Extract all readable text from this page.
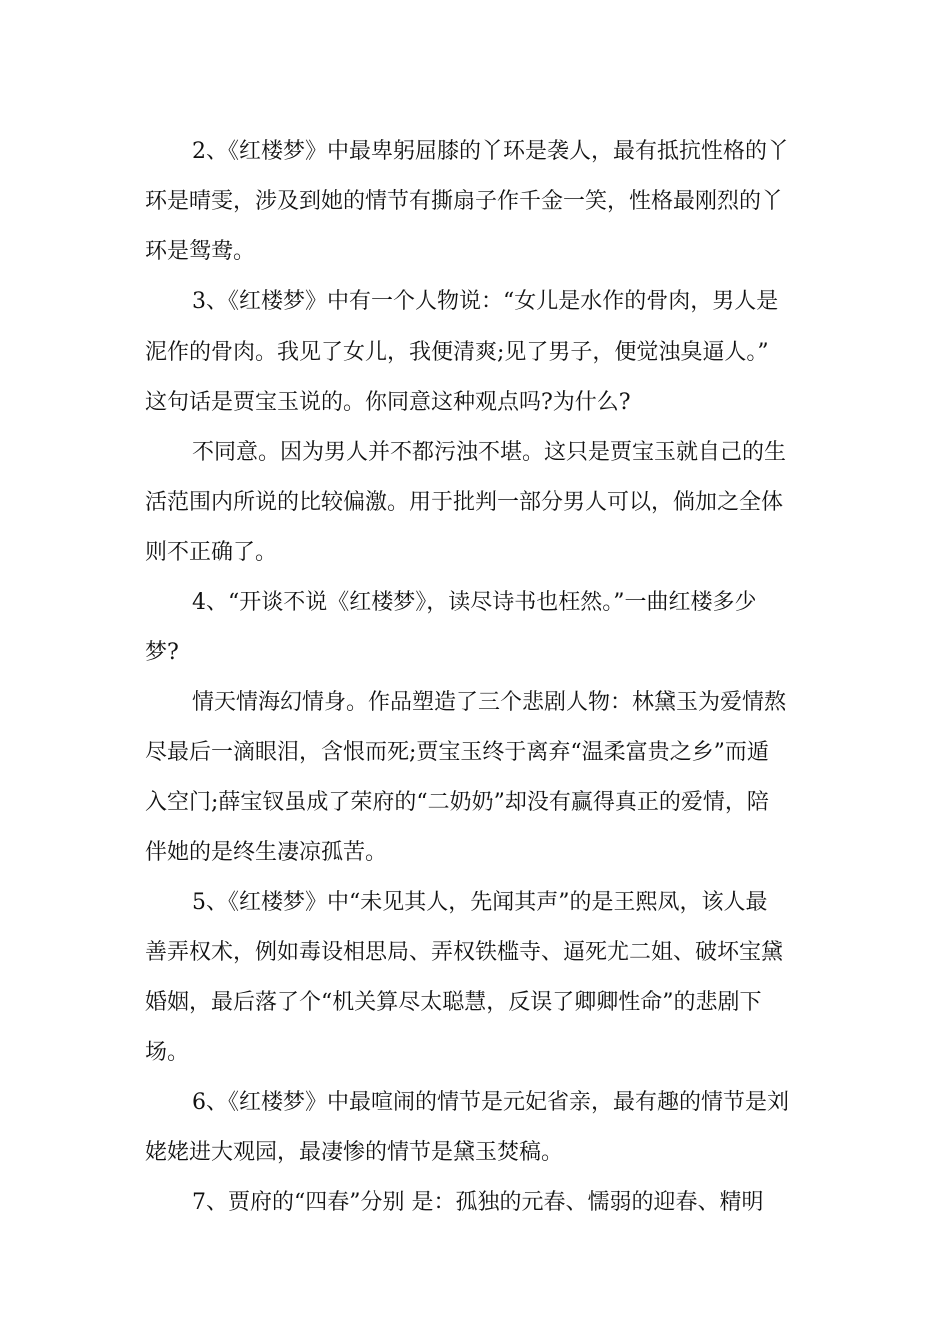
2、《红楼梦》中最卑躬屈膝的丫环是袭人，最有抵抗性格的丫

环是晴雯，涉及到她的情节有撕扇子作千金一笑，性格最刚烈的丫

环是鸳鸯。

3、《红楼梦》中有一个人物说：“女儿是水作的骨肉，男人是

泥作的骨肉。我见了女儿，我便清爽;见了男子，便觉浊臭逼人。”

这句话是贾宝玉说的。你同意这种观点吗?为什么?

不同意。因为男人并不都污浊不堪。这只是贾宝玉就自己的生

活范围内所说的比较偏激。用于批判一部分男人可以，倘加之全体

则不正确了。

4、“开谈不说《红楼梦》，读尽诗书也枉然。”一曲红楼多少

梦?

情天情海幻情身。作品塑造了三个悲剧人物：林黛玉为爱情熬

尽最后一滴眼泪，含恨而死;贾宝玉终于离弃“温柔富贵之乡”而遁

入空门;薛宝钗虽成了荣府的“二奶奶”却没有赢得真正的爱情，陪

伴她的是终生凄凉孤苦。

5、《红楼梦》中“未见其人，先闻其声”的是王熙凤，该人最

善弄权术，例如毒设相思局、弄权铁槛寺、逼死尤二姐、破坏宝黛

婚姻，最后落了个“机关算尽太聪慧，反误了卿卿性命”的悲剧下

场。

6、《红楼梦》中最喧闹的情节是元妃省亲，最有趣的情节是刘

姥姥进大观园，最凄惨的情节是黛玉焚稿。

7、贾府的“四春”分别 是：孤独的元春、懦弱的迎春、精明
